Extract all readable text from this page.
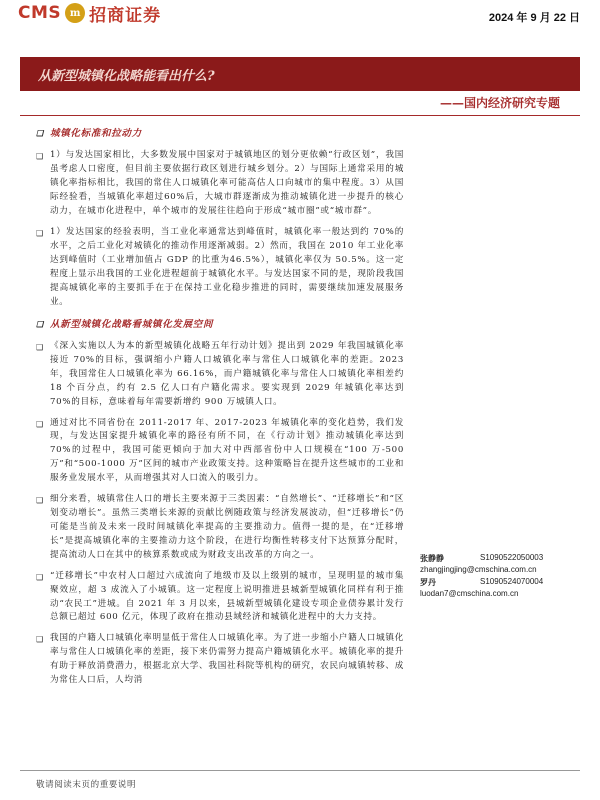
CMS m 招商证券	2024 年 9 月 22 日
从新型城镇化战略能看出什么?
——国内经济研究专题
❑ 城镇化标准和拉动力
❑ 1）与发达国家相比，大多数发展中国家对于城镇地区的划分更依赖“行政区划”，我国虽考虑人口密度，但目前主要依据行政区划进行城乡划分。2）与国际上通常采用的城镇化率指标相比，我国的常住人口城镇化率可能高估人口向城市的集中程度。3）从国际经验看，当城镇化率超过60%后，大城市群逐渐成为推动城镇化进一步提升的核心动力，在城市化进程中，单个城市的发展往往趋向于形成“城市圈”或“城市群”。
❑ 1）发达国家的经验表明，当工业化率通常达到峰值时，城镇化率一般达到约 70%的水平，之后工业化对城镇化的推动作用逐渐减弱。2）然而，我国在 2010 年工业化率达到峰值时（工业增加值占 GDP 的比重为46.5%），城镇化率仅为 50.5%。这一定程度上显示出我国的工业化进程超前于城镇化水平。与发达国家不同的是，现阶段我国提高城镇化率的主要抓手在于在保持工业化稳步推进的同时，需要继续加速发展服务业。
❑ 从新型城镇化战略看城镇化发展空间
❑ 《深入实施以人为本的新型城镇化战略五年行动计划》提出到 2029 年我国城镇化率接近 70%的目标，强调缩小户籍人口城镇化率与常住人口城镇化率的差距。2023 年，我国常住人口城镇化率为 66.16%，而户籍城镇化率与常住人口城镇化率相差约 18 个百分点，约有 2.5 亿人口有户籍化需求。要实现到 2029 年城镇化率达到 70%的目标，意味着每年需要新增约 900 万城镇人口。
❑ 通过对比不同省份在 2011-2017 年、2017-2023 年城镇化率的变化趋势，我们发现，与发达国家提升城镇化率的路径有所不同，在《行动计划》推动城镇化率达到 70%的过程中，我国可能更倾向于加大对中西部省份中人口规模在“100 万-500 万”和“500-1000 万”区间的城市产业政策支持。这种策略旨在提升这些城市的工业和服务业发展水平，从而增强其对人口流入的吸引力。
❑ 细分来看，城镇常住人口的增长主要来源于三类因素：“自然增长”、“迁移增长”和“区划变动增长”。虽然三类增长来源的贡献比例随政策与经济发展波动，但“迁移增长”仍可能是当前及未来一段时间城镇化率提高的主要推动力。值得一提的是，在“迁移增长”是提高城镇化率的主要推动力这个阶段，在进行均衡性转移支付下达预算分配时，提高流动人口在其中的核算系数或成为财政支出改革的方向之一。
❑ “迁移增长”中农村人口超过六成流向了地级市及以上级别的城市，呈现明显的城市集聚效应，超 3 成流入了小城镇。这一定程度上说明推进县城新型城镇化同样有利于推动“农民工”进城。自 2021 年 3 月以来，县城新型城镇化建设专项企业债券累计发行总额已超过 600 亿元，体现了政府在推动县域经济和城镇化进程中的大力支持。
❑ 我国的户籍人口城镇化率明显低于常住人口城镇化率。为了进一步缩小户籍人口城镇化率与常住人口城镇化率的差距，接下来仍需努力提高户籍城镇化水平。城镇化率的提升有助于释放消费潜力，根据北京大学、我国社科院等机构的研究，农民向城镇转移、成为常住人口后，人均消
张静静	S1090522050003
zhangjingjing@cmschina.com.cn
罗丹	S1090524070004
luodan7@cmschina.com.cn
敬请阅读末页的重要说明
